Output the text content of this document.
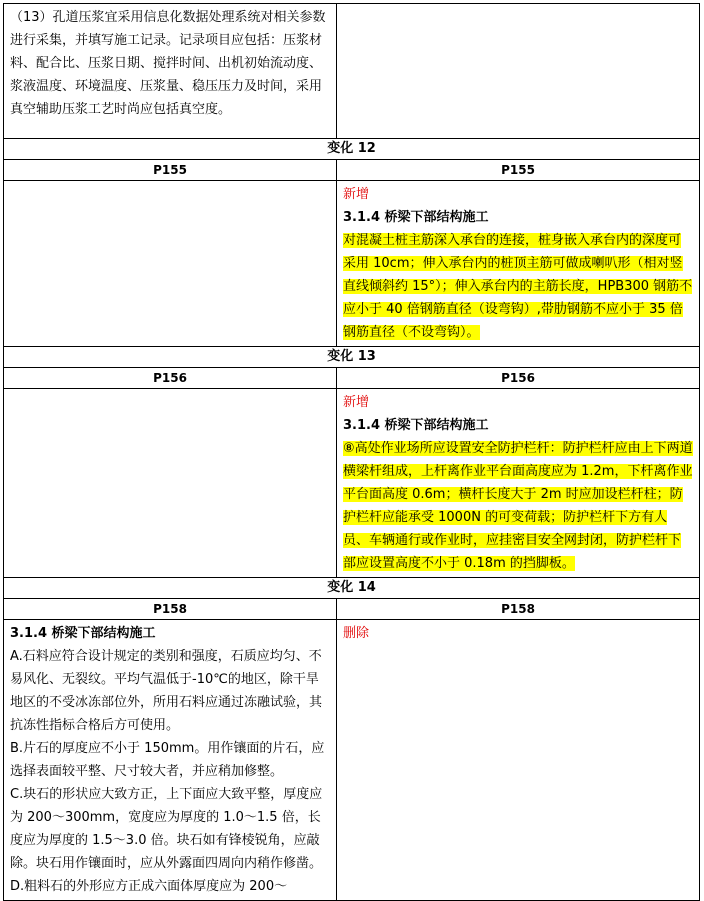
（13）孔道压浆宜采用信息化数据处理系统对相关参数进行采集，并填写施工记录。记录项目应包括：压浆材料、配合比、压浆日期、搅拌时间、出机初始流动度、浆液温度、环境温度、压浆量、稳压压力及时间，采用真空辅助压浆工艺时尚应包括真空度。	
变化 12	
P155	P155

	新增
3.1.4 桥梁下部结构施工
对混凝土桩主筋深入承台的连接，桩身嵌入承台内的深度可采用 10cm；伸入承台内的桩顶主筋可做成喇叭形（相对竖直线倾斜约 15°）；伸入承台内的主筋长度，HPB300 钢筋不应小于 40 倍钢筋直径（设弯钩）,带肋钢筋不应小于 35 倍钢筋直径（不设弯钩）。
变化 13	
P156	P156

	新增
3.1.4 桥梁下部结构施工
⑧高处作业场所应设置安全防护栏杆：防护栏杆应由上下两道横梁杆组成，上杆离作业平台面高度应为 1.2m，下杆离作业平台面高度 0.6m；横杆长度大于 2m 时应加设栏杆柱；防护栏杆应能承受 1000N 的可变荷载；防护栏杆下方有人员、车辆通行或作业时，应挂密目安全网封闭，防护栏杆下部应设置高度不小于 0.18m 的挡脚板。
变化 14	
P158	P158

3.1.4 桥梁下部结构施工
A.石料应符合设计规定的类别和强度，石质应均匀、不易风化、无裂纹。平均气温低于-10℃的地区，除干旱地区的不受冰冻部位外，所用石料应通过冻融试验，其抗冻性指标合格后方可使用。
B.片石的厚度应不小于 150mm。用作镶面的片石，应选择表面较平整、尺寸较大者，并应稍加修整。
C.块石的形状应大致方正，上下面应大致平整，厚度应为 200～300mm，宽度应为厚度的 1.0～1.5 倍，长度应为厚度的 1.5～3.0 倍。块石如有锋棱锐角，应敲除。块石用作镶面时，应从外露面四周向内稍作修凿。
D.粗料石的外形应方正成六面体厚度应为 200～	删除
